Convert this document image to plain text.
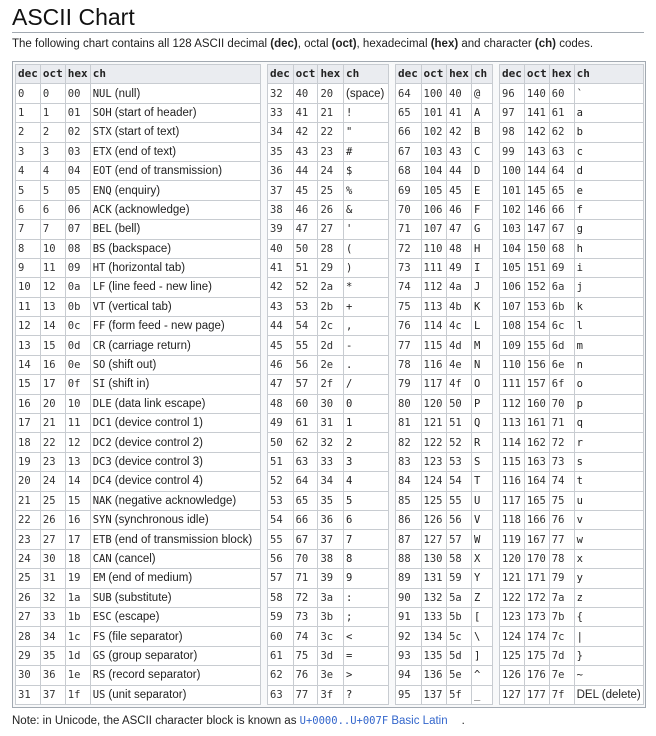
ASCII Chart
The following chart contains all 128 ASCII decimal (dec), octal (oct), hexadecimal (hex) and character (ch) codes.
dec	oct	hex	ch
0	0	00	NUL (null)
1	1	01	SOH (start of header)
2	2	02	STX (start of text)
3	3	03	ETX (end of text)
4	4	04	EOT (end of transmission)
5	5	05	ENQ (enquiry)
6	6	06	ACK (acknowledge)
7	7	07	BEL (bell)
8	10	08	BS (backspace)
9	11	09	HT (horizontal tab)
10	12	0a	LF (line feed - new line)
11	13	0b	VT (vertical tab)
12	14	0c	FF (form feed - new page)
13	15	0d	CR (carriage return)
14	16	0e	SO (shift out)
15	17	0f	SI (shift in)
16	20	10	DLE (data link escape)
17	21	11	DC1 (device control 1)
18	22	12	DC2 (device control 2)
19	23	13	DC3 (device control 3)
20	24	14	DC4 (device control 4)
21	25	15	NAK (negative acknowledge)
22	26	16	SYN (synchronous idle)
23	27	17	ETB (end of transmission block)
24	30	18	CAN (cancel)
25	31	19	EM (end of medium)
26	32	1a	SUB (substitute)
27	33	1b	ESC (escape)
28	34	1c	FS (file separator)
29	35	1d	GS (group separator)
30	36	1e	RS (record separator)
31	37	1f	US (unit separator)
dec	oct	hex	ch
32	40	20	(space)
33	41	21	!
34	42	22	"
35	43	23	#
36	44	24	$
37	45	25	%
38	46	26	&
39	47	27	'
40	50	28	(
41	51	29	)
42	52	2a	*
43	53	2b	+
44	54	2c	,
45	55	2d	-
46	56	2e	.
47	57	2f	/
48	60	30	0
49	61	31	1
50	62	32	2
51	63	33	3
52	64	34	4
53	65	35	5
54	66	36	6
55	67	37	7
56	70	38	8
57	71	39	9
58	72	3a	:
59	73	3b	;
60	74	3c	<
61	75	3d	=
62	76	3e	>
63	77	3f	?
dec	oct	hex	ch
64	100	40	@
65	101	41	A
66	102	42	B
67	103	43	C
68	104	44	D
69	105	45	E
70	106	46	F
71	107	47	G
72	110	48	H
73	111	49	I
74	112	4a	J
75	113	4b	K
76	114	4c	L
77	115	4d	M
78	116	4e	N
79	117	4f	O
80	120	50	P
81	121	51	Q
82	122	52	R
83	123	53	S
84	124	54	T
85	125	55	U
86	126	56	V
87	127	57	W
88	130	58	X
89	131	59	Y
90	132	5a	Z
91	133	5b	[
92	134	5c	\
93	135	5d	]
94	136	5e	^
95	137	5f	_
dec	oct	hex	ch
96	140	60	`
97	141	61	a
98	142	62	b
99	143	63	c
100	144	64	d
101	145	65	e
102	146	66	f
103	147	67	g
104	150	68	h
105	151	69	i
106	152	6a	j
107	153	6b	k
108	154	6c	l
109	155	6d	m
110	156	6e	n
111	157	6f	o
112	160	70	p
113	161	71	q
114	162	72	r
115	163	73	s
116	164	74	t
117	165	75	u
118	166	76	v
119	167	77	w
120	170	78	x
121	171	79	y
122	172	7a	z
123	173	7b	{
124	174	7c	|
125	175	7d	}
126	176	7e	~
127	177	7f	DEL (delete)
Note: in Unicode, the ASCII character block is known as U+0000..U+007F Basic Latin .
